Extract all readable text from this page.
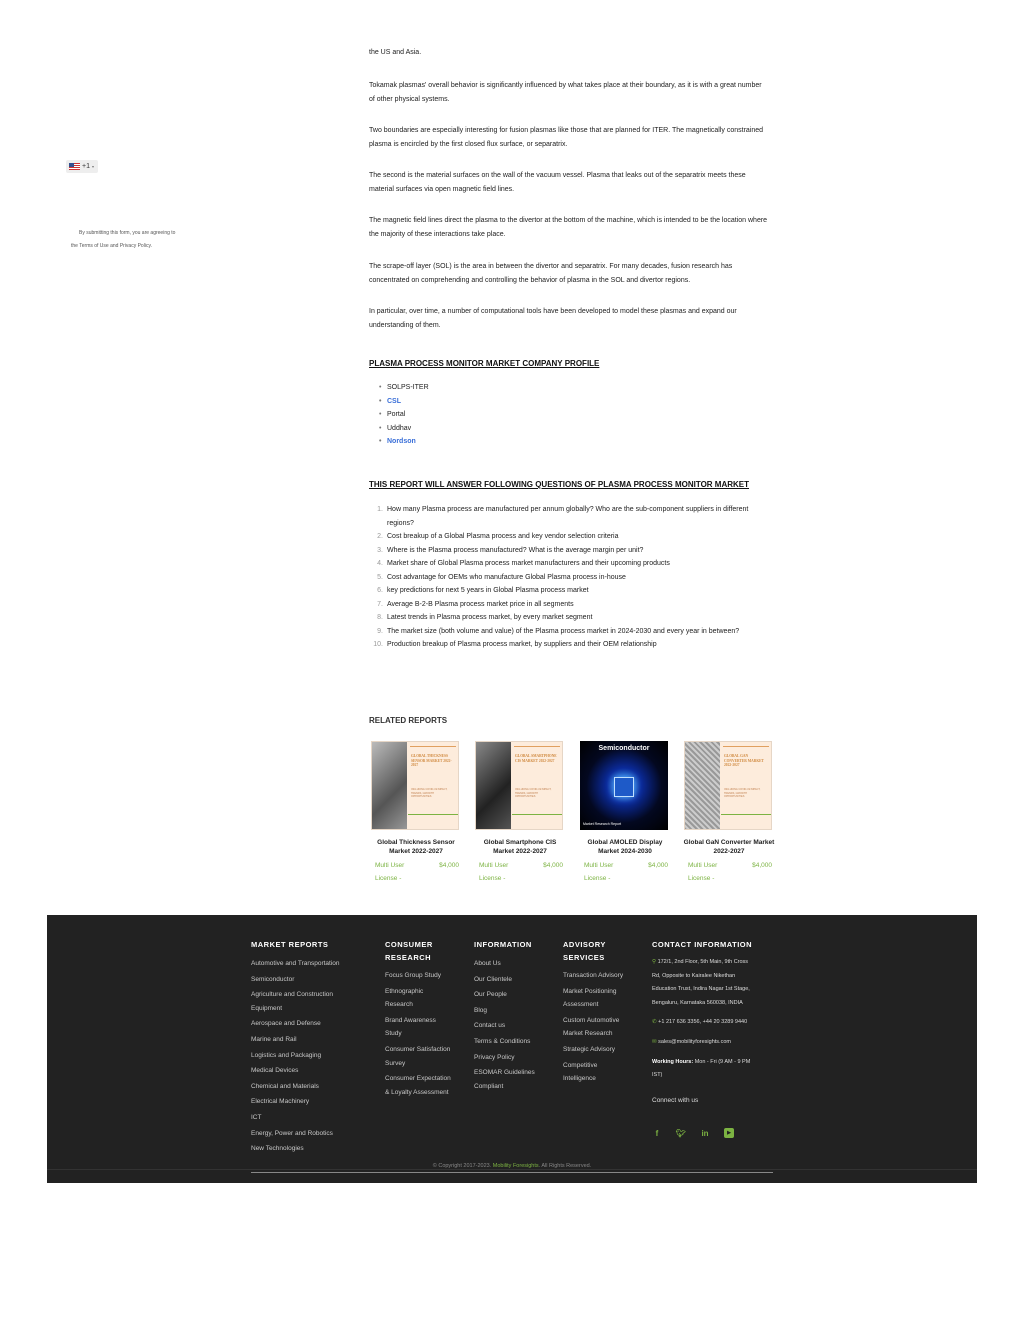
+1 ▾
By submitting this form, you are agreeing to
the Terms of Use and Privacy Policy.
the US and Asia.
Tokamak plasmas' overall behavior is significantly influenced by what takes place at their boundary, as it is with a great number of other physical systems.
Two boundaries are especially interesting for fusion plasmas like those that are planned for ITER. The magnetically constrained plasma is encircled by the first closed flux surface, or separatrix.
The second is the material surfaces on the wall of the vacuum vessel. Plasma that leaks out of the separatrix meets these material surfaces via open magnetic field lines.
The magnetic field lines direct the plasma to the divertor at the bottom of the machine, which is intended to be the location where the majority of these interactions take place.
The scrape-off layer (SOL) is the area in between the divertor and separatrix. For many decades, fusion research has concentrated on comprehending and controlling the behavior of plasma in the SOL and divertor regions.
In particular, over time, a number of computational tools have been developed to model these plasmas and expand our understanding of them.
PLASMA PROCESS MONITOR MARKET COMPANY PROFILE
• SOLPS-ITER
• CSL
• Portal
• Uddhav
• Nordson
THIS REPORT WILL ANSWER FOLLOWING QUESTIONS OF PLASMA PROCESS MONITOR MARKET
1. How many Plasma process are manufactured per annum globally? Who are the sub-component suppliers in different regions?
2. Cost breakup of a Global Plasma process and key vendor selection criteria
3. Where is the Plasma process manufactured? What is the average margin per unit?
4. Market share of Global Plasma process market manufacturers and their upcoming products
5. Cost advantage for OEMs who manufacture Global Plasma process in-house
6. key predictions for next 5 years in Global Plasma process market
7. Average B-2-B Plasma process market price in all segments
8. Latest trends in Plasma process market, by every market segment
9. The market size (both volume and value) of the Plasma process market in 2024-2030 and every year in between?
10. Production breakup of Plasma process market, by suppliers and their OEM relationship
RELATED REPORTS
GLOBAL THICKNESS SENSOR MARKET 2022-2027
INCLUDING COVID-19 IMPACT, TRENDS, GROWTH OPPORTUNITIES
Global Thickness Sensor Market 2022-2027
Multi User License -
$4,000
GLOBAL SMARTPHONE CIS MARKET 2022-2027
INCLUDING COVID-19 IMPACT, TRENDS, GROWTH OPPORTUNITIES
Global Smartphone CIS Market 2022-2027
Multi User License -
$4,000
Semiconductor
Market Research Report
Global AMOLED Display Market 2024-2030
Multi User License -
$4,000
GLOBAL GAN CONVERTER MARKET 2022-2027
INCLUDING COVID-19 IMPACT, TRENDS, GROWTH OPPORTUNITIES
Global GaN Converter Market 2022-2027
Multi User License -
$4,000
MARKET REPORTS
Automotive and Transportation
Semiconductor
Agriculture and Construction
Equipment
Aerospace and Defense
Marine and Rail
Logistics and Packaging
Medical Devices
Chemical and Materials
Electrical Machinery
ICT
Energy, Power and Robotics
New Technologies
CONSUMER
RESEARCH
Focus Group Study
Ethnographic
Research
Brand Awareness
Study
Consumer Satisfaction
Survey
Consumer Expectation
& Loyalty Assessment
INFORMATION
About Us
Our Clientele
Our People
Blog
Contact us
Terms & Conditions
Privacy Policy
ESOMAR Guidelines
Compliant
ADVISORY
SERVICES
Transaction Advisory
Market Positioning
Assessment
Custom Automotive
Market Research
Strategic Advisory
Competitive
Intelligence
CONTACT INFORMATION
⚲ 172/1, 2nd Floor, 5th Main, 9th Cross
Rd, Opposite to Kairalee Nikethan
Education Trust, Indira Nagar 1st Stage,
Bengaluru, Karnataka 560038, INDIA
✆ +1 217 636 3356, +44 20 3289 9440
✉ sales@mobilityforesights.com
Working Hours: Mon - Fri (9 AM - 9 PM
IST)
Connect with us
f	🐦︎ in	▶
© Copyright 2017-2023. Mobility Foresights. All Rights Reserved.
